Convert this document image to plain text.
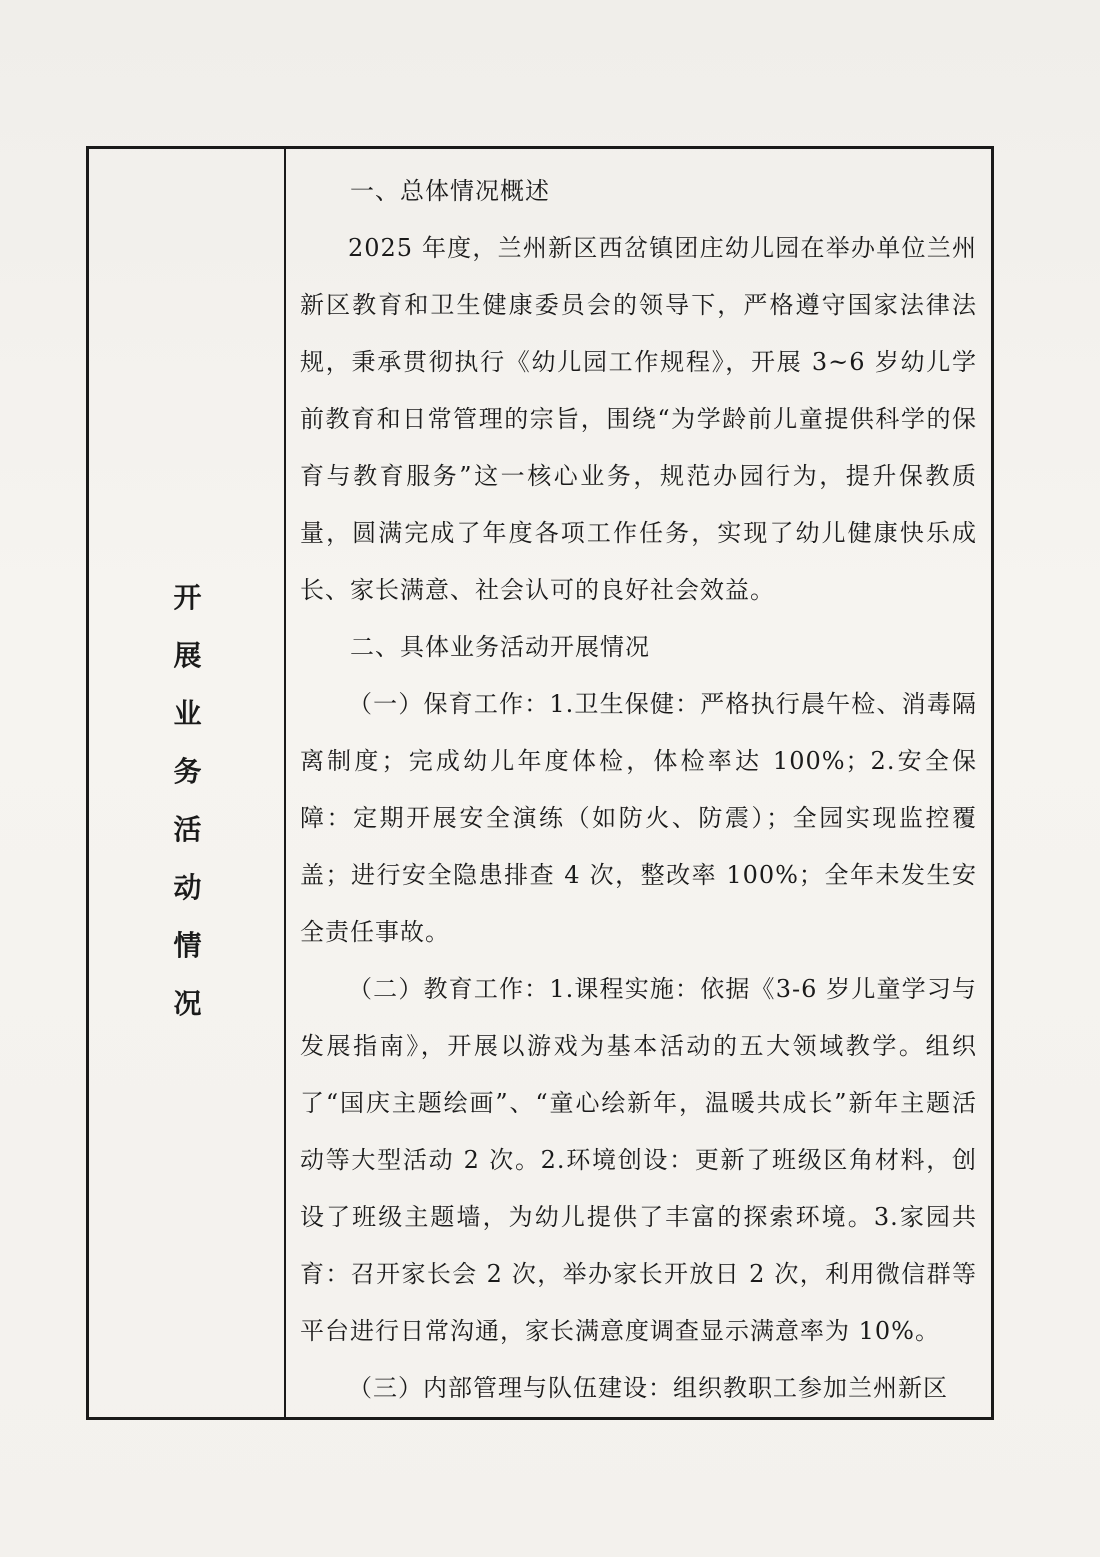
开
展
业
务
活
动
情
况

一、总体情况概述

2025 年度，兰州新区西岔镇团庄幼儿园在举办单位兰州新区教育和卫生健康委员会的领导下，严格遵守国家法律法规，秉承贯彻执行《幼儿园工作规程》，开展 3~6 岁幼儿学前教育和日常管理的宗旨，围绕“为学龄前儿童提供科学的保育与教育服务”这一核心业务，规范办园行为，提升保教质量，圆满完成了年度各项工作任务，实现了幼儿健康快乐成长、家长满意、社会认可的良好社会效益。

二、具体业务活动开展情况

（一）保育工作：1.卫生保健：严格执行晨午检、消毒隔离制度；完成幼儿年度体检，体检率达 100%；2.安全保障：定期开展安全演练（如防火、防震）；全园实现监控覆盖；进行安全隐患排查 4 次，整改率 100%；全年未发生安全责任事故。

（二）教育工作：1.课程实施：依据《3-6 岁儿童学习与发展指南》，开展以游戏为基本活动的五大领域教学。组织了“国庆主题绘画”、“童心绘新年，温暖共成长”新年主题活动等大型活动 2 次。2.环境创设：更新了班级区角材料，创设了班级主题墙，为幼儿提供了丰富的探索环境。3.家园共育：召开家长会 2 次，举办家长开放日 2 次，利用微信群等平台进行日常沟通，家长满意度调查显示满意率为 10%。

（三）内部管理与队伍建设：组织教职工参加兰州新区
